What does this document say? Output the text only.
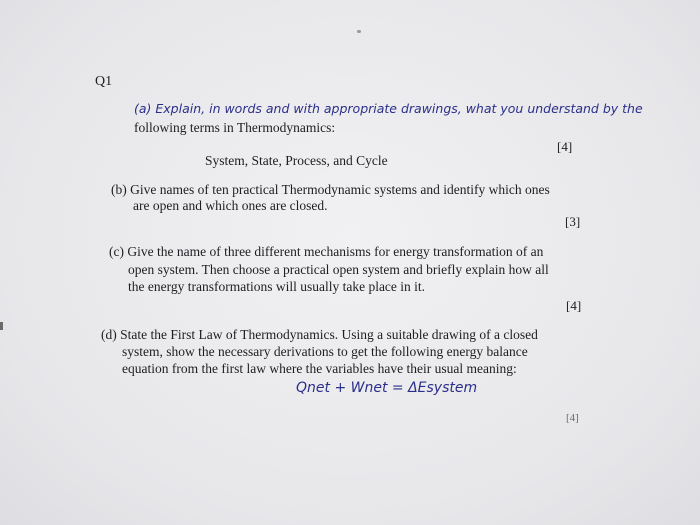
Q1
(a) Explain, in words and with appropriate drawings, what you understand by the
following terms in Thermodynamics:
[4]
System, State, Process, and Cycle
(b) Give names of ten practical Thermodynamic systems and identify which ones
are open and which ones are closed.
[3]
(c) Give the name of three different mechanisms for energy transformation of an
open system. Then choose a practical open system and briefly explain how all
the energy transformations will usually take place in it.
[4]
(d) State the First Law of Thermodynamics. Using a suitable drawing of a closed
system, show the necessary derivations to get the following energy balance
equation from the first law where the variables have their usual meaning:
Qnet + Wnet = ΔEsystem
[4]
